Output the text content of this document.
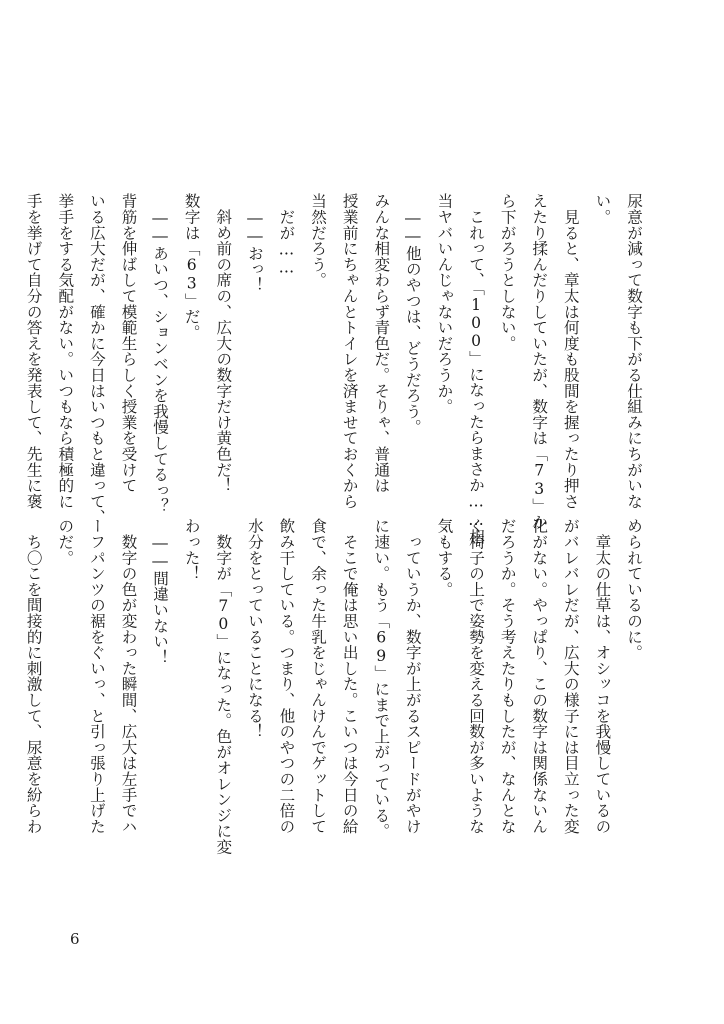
尿意が減って数字も下がる仕組みにちがいな
い。
　見ると、章太は何度も股間を握ったり押さ
えたり揉んだりしていたが、数字は「73」か
ら下がろうとしない。
　これって、「100」になったらまさか……相
当ヤバいんじゃないだろうか。
　――他のやつは、どうだろう。
みんな相変わらず青色だ。そりゃ、普通は
授業前にちゃんとトイレを済ませておくから
当然だろう。
　だが……
　――おっ！
　斜め前の席の、広大の数字だけ黄色だ！
数字は「63」だ。
　――あいつ、ションベンを我慢してるっ？
背筋を伸ばして模範生らしく授業を受けて
いる広大だが、確かに今日はいつもと違って、
挙手をする気配がない。いつもなら積極的に
手を挙げて自分の答えを発表して、先生に褒
められているのに。
　章太の仕草は、オシッコを我慢しているの
がバレバレだが、広大の様子には目立った変
化がない。やっぱり、この数字は関係ないん
だろうか。そう考えたりもしたが、なんとな
く椅子の上で姿勢を変える回数が多いような
気もする。
　っていうか、数字が上がるスピードがやけ
に速い。もう「69」にまで上がっている。
　そこで俺は思い出した。こいつは今日の給
食で、余った牛乳をじゃんけんでゲットして
飲み干している。つまり、他のやつの二倍の
水分をとっていることになる！
　数字が「70」になった。色がオレンジに変
わった！
　――間違いない！
　数字の色が変わった瞬間、広大は左手でハ
ーフパンツの裾をぐいっ、と引っ張り上げた
のだ。
　ち〇こを間接的に刺激して、尿意を紛らわ
6
